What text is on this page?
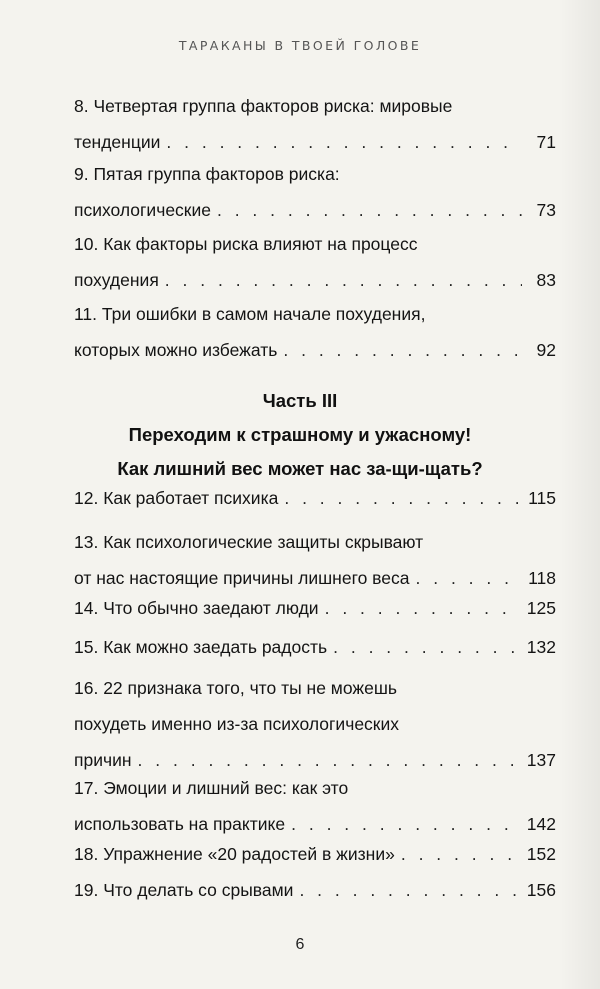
ТАРАКАНЫ В ТВОЕЙ ГОЛОВЕ
8. Четвертая группа факторов риска: мировые
тенденции . . .	71
9. Пятая группа факторов риска:
психологические . . .	73
10. Как факторы риска влияют на процесс
похудения . . .	83
11. Три ошибки в самом начале похудения,
которых можно избежать . . .	92
Часть III
Переходим к страшному и ужасному!
Как лишний вес может нас за-щи-щать?
12. Как работает психика . . .	115
13. Как психологические защиты скрывают
от нас настоящие причины лишнего веса . . .	118
14. Что обычно заедают люди . . .	125
15. Как можно заедать радость . . .	132
16. 22 признака того, что ты не можешь
похудеть именно из-за психологических
причин . . .	137
17. Эмоции и лишний вес: как это
использовать на практике . . .	142
18. Упражнение «20 радостей в жизни» . . .	152
19. Что делать со срывами . . .	156
6
